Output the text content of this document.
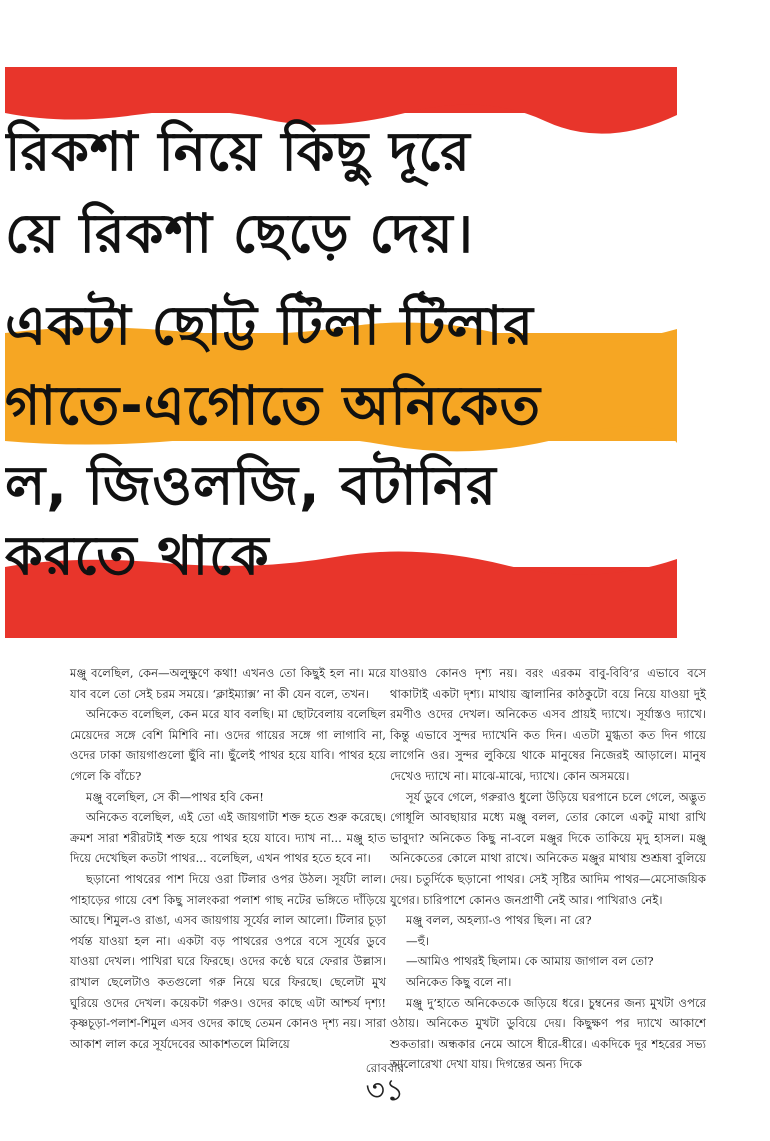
রিকশা নিয়ে কিছু দূরে
য়ে রিকশা ছেড়ে দেয়।
একটা ছোট্ট টিলা টিলার
গাতে-এগোতে অনিকেত
ল, জিওলজি, বটানির
করতে থাকে

মঞ্জু বলেছিল, কেন—অলুক্ষুণে কথা! এখনও তো কিছুই হল না। মরে যাব বলে তো সেই চরম সময়ে। ‘ক্লাইম্যাক্স’ না কী যেন বলে, তখন।

অনিকেত বলেছিল, কেন মরে যাব বলছি। মা ছোটবেলায় বলেছিল মেয়েদের সঙ্গে বেশি মিশিবি না। ওদের গায়ের সঙ্গে গা লাগাবি না, ওদের ঢাকা জায়গাগুলো ছুঁবি না। ছুঁলেই পাথর হয়ে যাবি। পাথর হয়ে গেলে কি বাঁচে?

মঞ্জু বলেছিল, সে কী—পাথর হবি কেন!

অনিকেত বলেছিল, এই তো এই জায়গাটা শক্ত হতে শুরু করেছে। ক্রমশ সারা শরীরটাই শক্ত হয়ে পাথর হয়ে যাবে। দ্যাখ না... মঞ্জু হাত দিয়ে দেখেছিল কতটা পাথর... বলেছিল, এখন পাথর হতে হবে না।

ছড়ানো পাথরের পাশ দিয়ে ওরা টিলার ওপর উঠল। সূর্যটা লাল। পাহাড়ের গায়ে বেশ কিছু সালংকরা পলাশ গাছ নটের ভঙ্গিতে দাঁড়িয়ে আছে। শিমুল-ও রাঙা, এসব জায়গায় সূর্যের লাল আলো। টিলার চূড়া পর্যন্ত যাওয়া হল না। একটা বড় পাথরের ওপরে বসে সূর্যের ডুবে যাওয়া দেখল। পাখিরা ঘরে ফিরছে। ওদের কণ্ঠে ঘরে ফেরার উল্লাস। রাখাল ছেলেটাও কতগুলো গরু নিয়ে ঘরে ফিরছে। ছেলেটা মুখ ঘুরিয়ে ওদের দেখল। কয়েকটা গরুও। ওদের কাছে এটা আশ্চর্য দৃশ্য! কৃষ্ণচূড়া-পলাশ-শিমুল এসব ওদের কাছে তেমন কোনও দৃশ্য নয়। সারা আকাশ লাল করে সূর্যদেবের আকাশতলে মিলিয়ে

যাওয়াও কোনও দৃশ্য নয়। বরং এরকম বাবু-বিবি’র এভাবে বসে থাকাটাই একটা দৃশ্য। মাথায় জ্বালানির কাঠকুটো বয়ে নিয়ে যাওয়া দুই রমণীও ওদের দেখল। অনিকেত এসব প্রায়ই দ্যাখে। সূর্যাস্তও দ্যাখে। কিন্তু এভাবে সুন্দর দ্যাখেনি কত দিন। এতটা মুগ্ধতা কত দিন গায়ে লাগেনি ওর। সুন্দর লুকিয়ে থাকে মানুষের নিজেরই আড়ালে। মানুষ দেখেও দ্যাখে না। মাঝে-মাঝে, দ্যাখে। কোন অসময়ে।

সূর্য ডুবে গেলে, গরুরাও ধুলো উড়িয়ে ঘরপানে চলে গেলে, অদ্ভুত গোধূলি আবছায়ার মধ্যে মঞ্জু বলল, তোর কোলে একটু মাথা রাখি ভাবুদা? অনিকেত কিছু না-বলে মঞ্জুর দিকে তাকিয়ে মৃদু হাসল। মঞ্জু অনিকেতের কোলে মাথা রাখে। অনিকেত মঞ্জুর মাথায় শুশ্রূষা বুলিয়ে দেয়। চতুর্দিকে ছড়ানো পাথর। সেই সৃষ্টির আদিম পাথর—মেসোজয়িক যুগের। চারিপাশে কোনও জনপ্রাণী নেই আর। পাখিরাও নেই।

মঞ্জু বলল, অহল্যা-ও পাথর ছিল। না রে?

—হুঁ।

—আমিও পাথরই ছিলাম। কে আমায় জাগাল বল তো?

অনিকেত কিছু বলে না।

মঞ্জু দু’হাতে অনিকেতকে জড়িয়ে ধরে। চুম্বনের জন্য মুখটা ওপরে ওঠায়। অনিকেত মুখটা ডুবিয়ে দেয়। কিছুক্ষণ পর দ্যাখে আকাশে শুকতারা। অন্ধকার নেমে আসে ধীরে-ধীরে। একদিকে দূর শহরের সভ্য আলোরেখা দেখা যায়। দিগন্তের অন্য দিকে

রোববার
৩১
